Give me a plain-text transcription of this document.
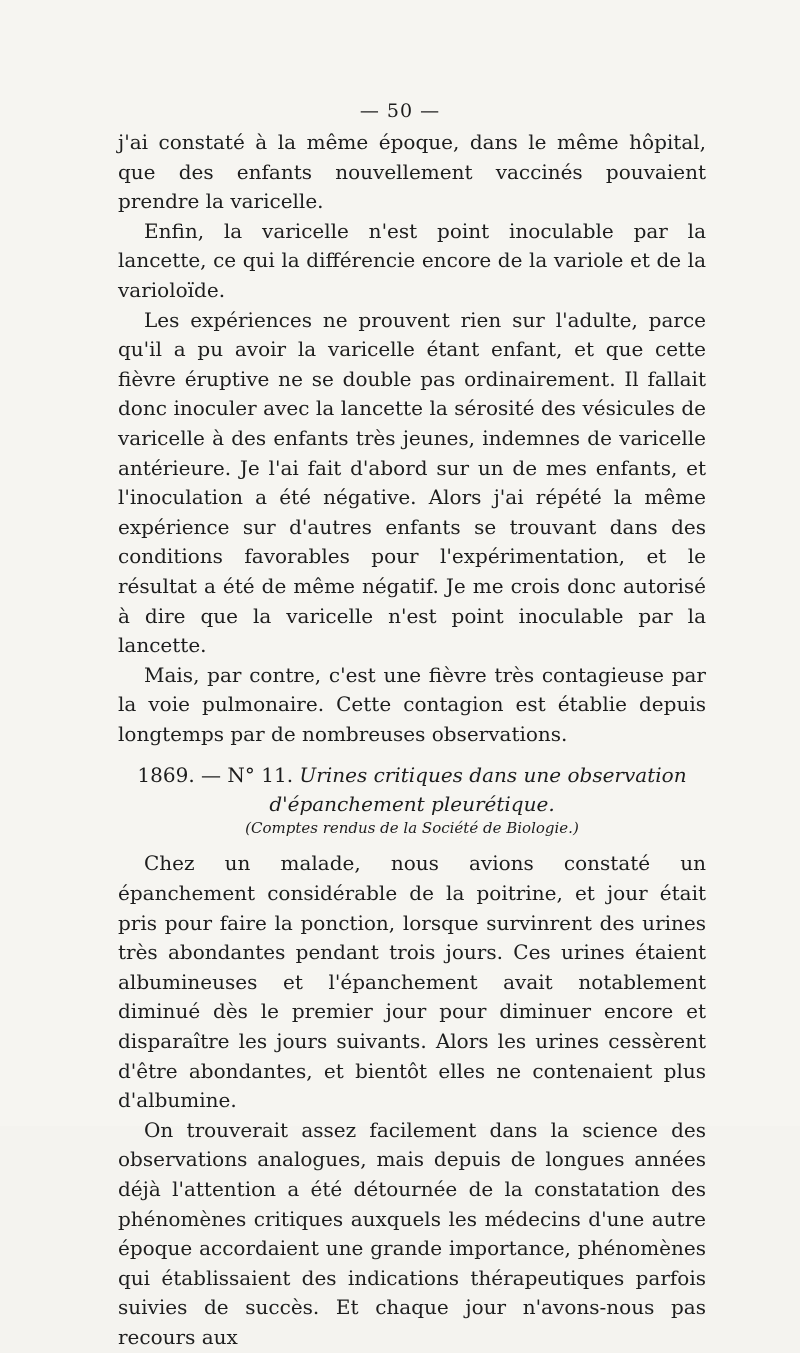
— 50 —

j'ai constaté à la même époque, dans le même hôpital, que des enfants nouvellement vaccinés pouvaient prendre la varicelle.

Enfin, la varicelle n'est point inoculable par la lancette, ce qui la différencie encore de la variole et de la varioloïde.

Les expériences ne prouvent rien sur l'adulte, parce qu'il a pu avoir la varicelle étant enfant, et que cette fièvre éruptive ne se double pas ordinairement. Il fallait donc inoculer avec la lancette la sérosité des vésicules de varicelle à des enfants très jeunes, indemnes de varicelle antérieure. Je l'ai fait d'abord sur un de mes enfants, et l'inoculation a été négative. Alors j'ai répété la même expérience sur d'autres enfants se trouvant dans des conditions favorables pour l'expérimentation, et le résultat a été de même négatif. Je me crois donc autorisé à dire que la varicelle n'est point inoculable par la lancette.

Mais, par contre, c'est une fièvre très contagieuse par la voie pulmonaire. Cette contagion est établie depuis longtemps par de nombreuses observations.

1869. — N° 11. Urines critiques dans une observation
d'épanchement pleurétique.
(Comptes rendus de la Société de Biologie.)

Chez un malade, nous avions constaté un épanchement considérable de la poitrine, et jour était pris pour faire la ponction, lorsque survinrent des urines très abondantes pendant trois jours. Ces urines étaient albumineuses et l'épanchement avait notablement diminué dès le premier jour pour diminuer encore et disparaître les jours suivants. Alors les urines cessèrent d'être abondantes, et bientôt elles ne contenaient plus d'albumine.

On trouverait assez facilement dans la science des observations analogues, mais depuis de longues années déjà l'attention a été détournée de la constatation des phénomènes critiques auxquels les médecins d'une autre époque accordaient une grande importance, phénomènes qui établissaient des indications thérapeutiques parfois suivies de succès. Et chaque jour n'avons-nous pas recours aux
